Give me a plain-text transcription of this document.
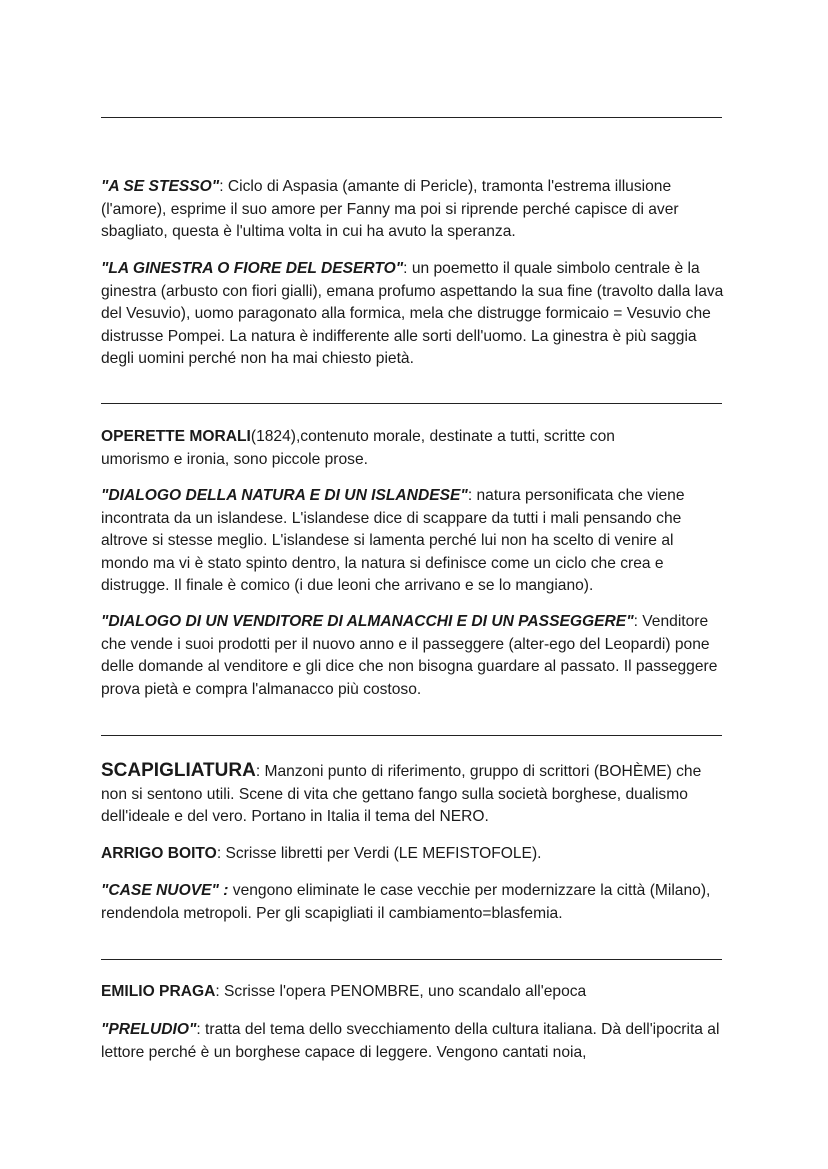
"A SE STESSO": Ciclo di Aspasia (amante di Pericle), tramonta l'estrema illusione (l'amore), esprime il suo amore per Fanny ma poi si riprende perché capisce di aver sbagliato, questa è l'ultima volta in cui ha avuto la speranza.

"LA GINESTRA O FIORE DEL DESERTO": un poemetto il quale simbolo centrale è la ginestra (arbusto con fiori gialli), emana profumo aspettando la sua fine (travolto dalla lava del Vesuvio), uomo paragonato alla formica, mela che distrugge formicaio = Vesuvio che distrusse Pompei. La natura è indifferente alle sorti dell'uomo. La ginestra è più saggia degli uomini perché non ha mai chiesto pietà.

OPERETTE MORALI(1824),contenuto morale, destinate a tutti, scritte con umorismo e ironia, sono piccole prose.

"DIALOGO DELLA NATURA E DI UN ISLANDESE": natura personificata che viene incontrata da un islandese. L'islandese dice di scappare da tutti i mali pensando che altrove si stesse meglio. L'islandese si lamenta perché lui non ha scelto di venire al mondo ma vi è stato spinto dentro, la natura si definisce come un ciclo che crea e distrugge. Il finale è comico (i due leoni che arrivano e se lo mangiano).

"DIALOGO DI UN VENDITORE DI ALMANACCHI E DI UN PASSEGGERE": Venditore che vende i suoi prodotti per il nuovo anno e il passeggere (alter-ego del Leopardi) pone delle domande al venditore e gli dice che non bisogna guardare al passato. Il passeggere prova pietà e compra l'almanacco più costoso.

SCAPIGLIATURA: Manzoni punto di riferimento, gruppo di scrittori (BOHÈME) che non si sentono utili. Scene di vita che gettano fango sulla società borghese, dualismo dell'ideale e del vero. Portano in Italia il tema del NERO.

ARRIGO BOITO: Scrisse libretti per Verdi (LE MEFISTOFOLE).

"CASE NUOVE" : vengono eliminate le case vecchie per modernizzare la città (Milano), rendendola metropoli. Per gli scapigliati il cambiamento=blasfemia.

EMILIO PRAGA: Scrisse l'opera PENOMBRE, uno scandalo all'epoca

"PRELUDIO": tratta del tema dello svecchiamento della cultura italiana. Dà dell'ipocrita al lettore perché è un borghese capace di leggere. Vengono cantati noia,
